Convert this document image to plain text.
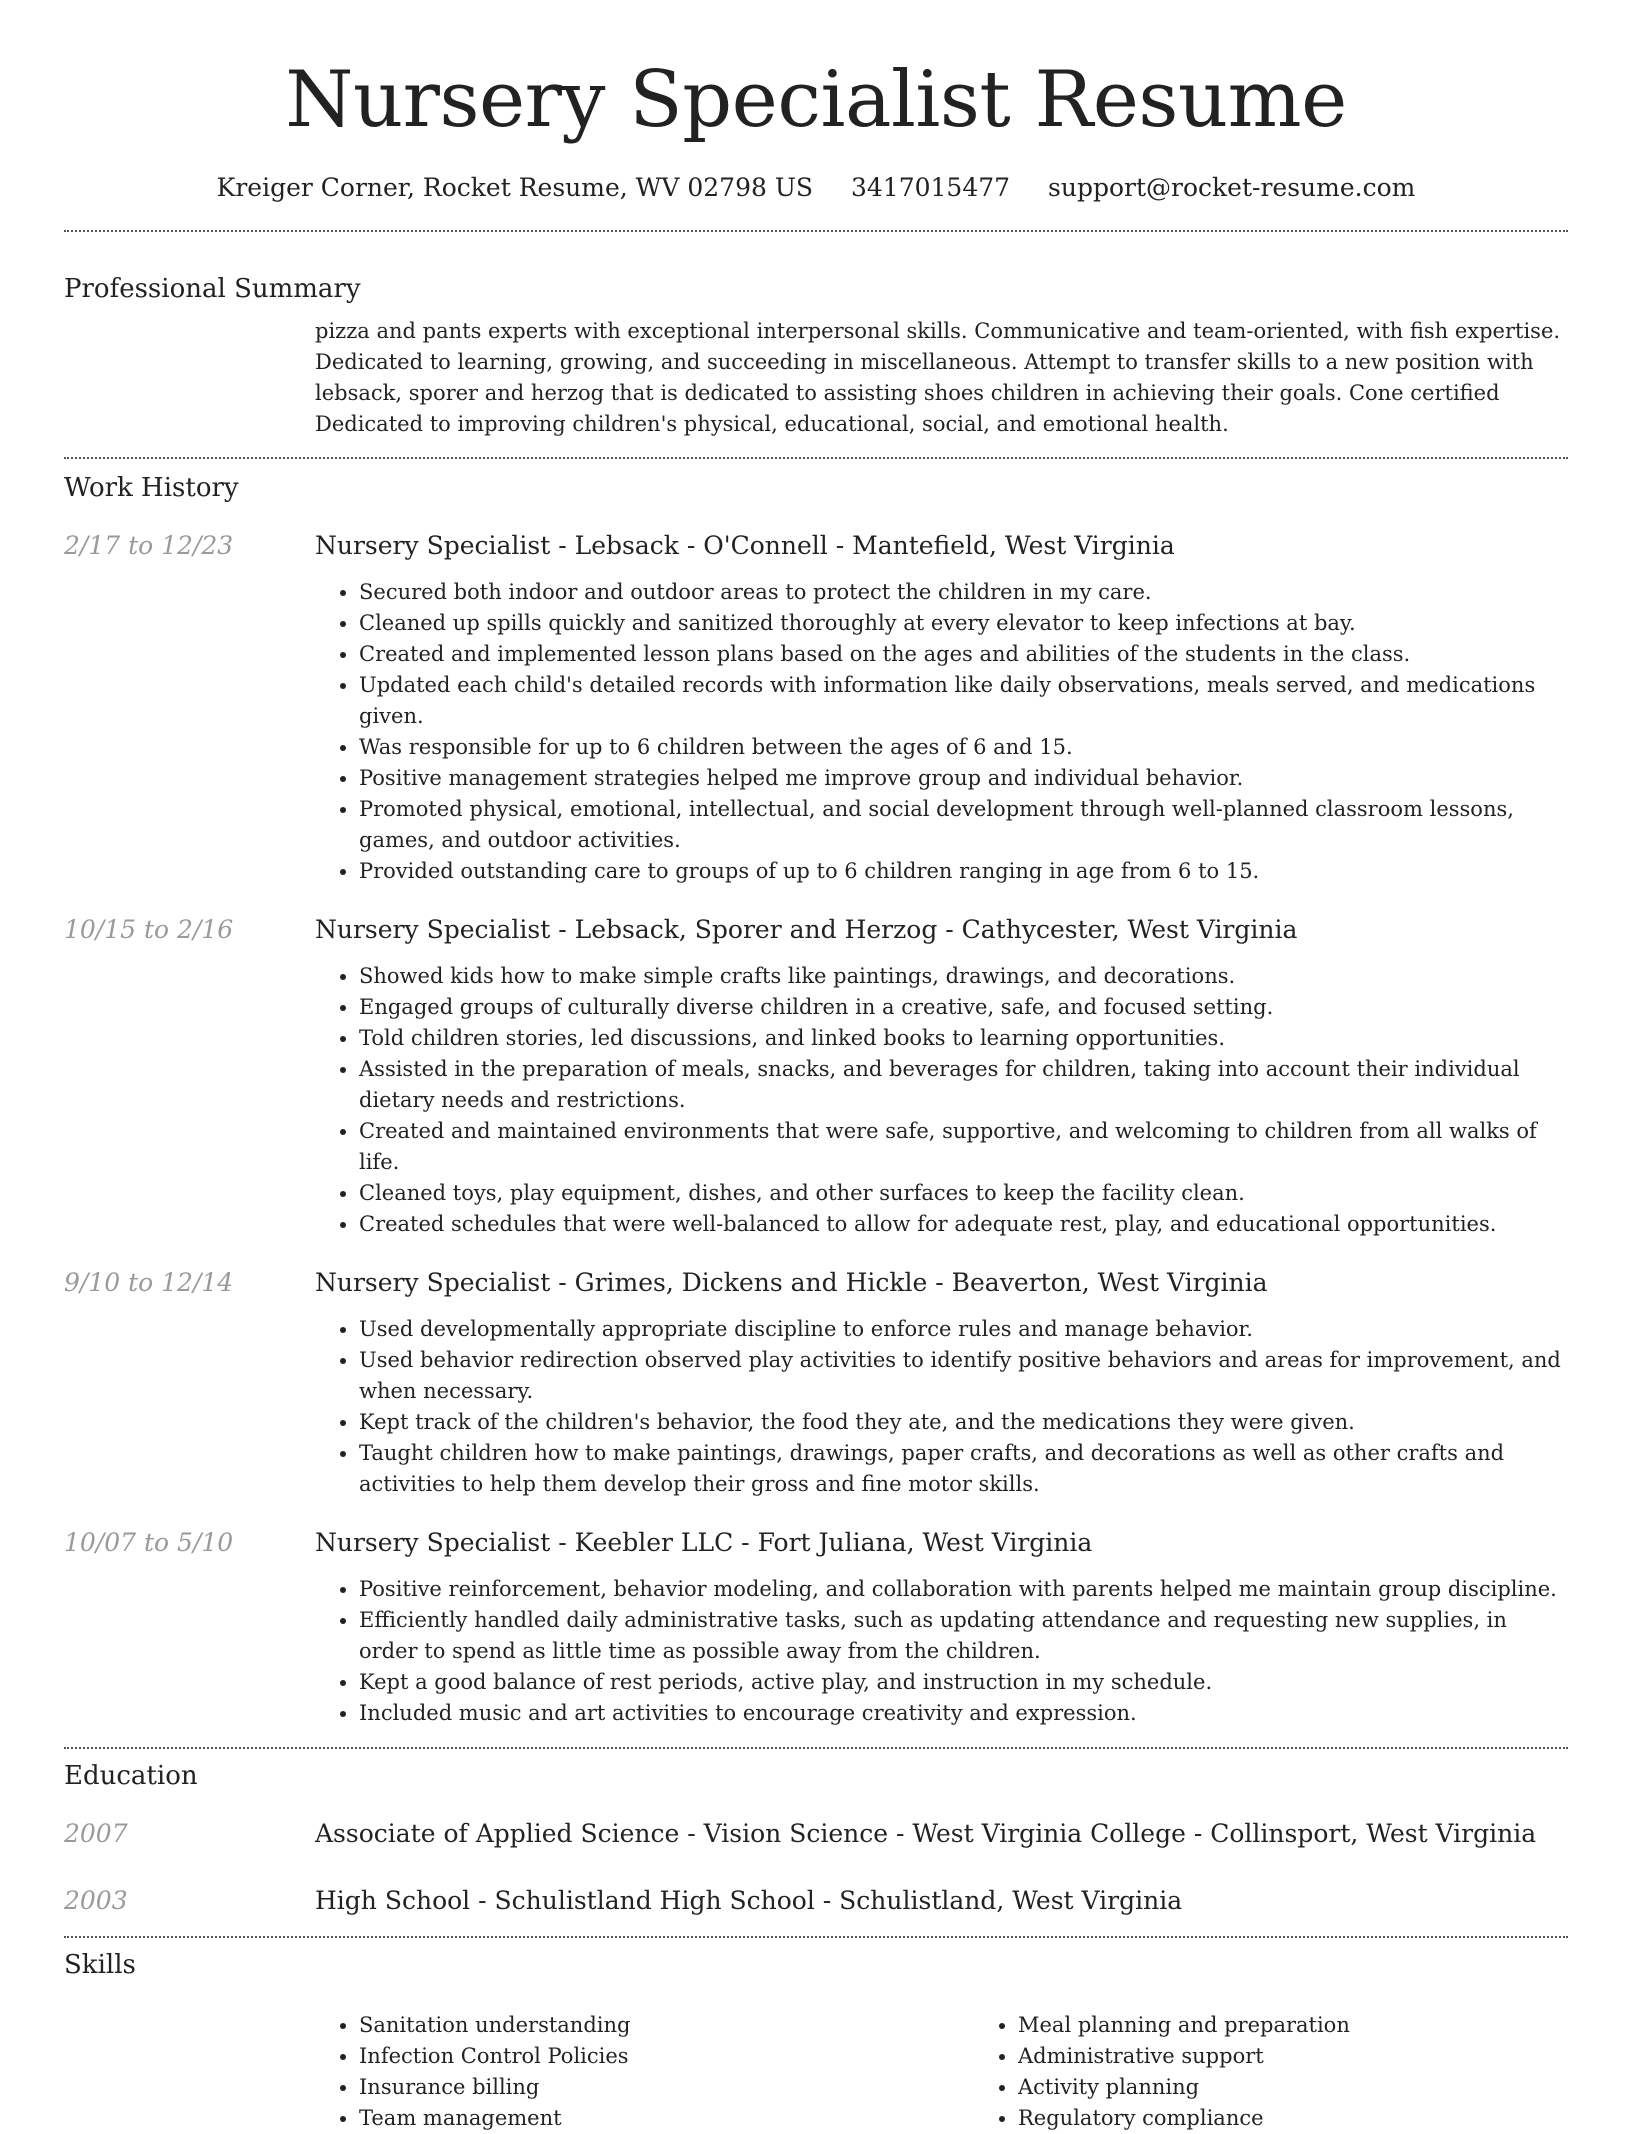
Nursery Specialist Resume
Kreiger Corner, Rocket Resume, WV 02798 US 3417015477 support@rocket-resume.com
Professional Summary

pizza and pants experts with exceptional interpersonal skills. Communicative and team-oriented, with fish expertise. Dedicated to learning, growing, and succeeding in miscellaneous. Attempt to transfer skills to a new position with lebsack, sporer and herzog that is dedicated to assisting shoes children in achieving their goals. Cone certified Dedicated to improving children's physical, educational, social, and emotional health.

Work History
2/17 to 12/23	Nursery Specialist - Lebsack - O'Connell - Mantefield, West Virginia
• Secured both indoor and outdoor areas to protect the children in my care.
• Cleaned up spills quickly and sanitized thoroughly at every elevator to keep infections at bay.
• Created and implemented lesson plans based on the ages and abilities of the students in the class.
• Updated each child's detailed records with information like daily observations, meals served, and medications given.
• Was responsible for up to 6 children between the ages of 6 and 15.
• Positive management strategies helped me improve group and individual behavior.
• Promoted physical, emotional, intellectual, and social development through well-planned classroom lessons, games, and outdoor activities.
• Provided outstanding care to groups of up to 6 children ranging in age from 6 to 15.
10/15 to 2/16	Nursery Specialist - Lebsack, Sporer and Herzog - Cathycester, West Virginia
• Showed kids how to make simple crafts like paintings, drawings, and decorations.
• Engaged groups of culturally diverse children in a creative, safe, and focused setting.
• Told children stories, led discussions, and linked books to learning opportunities.
• Assisted in the preparation of meals, snacks, and beverages for children, taking into account their individual dietary needs and restrictions.
• Created and maintained environments that were safe, supportive, and welcoming to children from all walks of life.
• Cleaned toys, play equipment, dishes, and other surfaces to keep the facility clean.
• Created schedules that were well-balanced to allow for adequate rest, play, and educational opportunities.
9/10 to 12/14	Nursery Specialist - Grimes, Dickens and Hickle - Beaverton, West Virginia
• Used developmentally appropriate discipline to enforce rules and manage behavior.
• Used behavior redirection observed play activities to identify positive behaviors and areas for improvement, and when necessary.
• Kept track of the children's behavior, the food they ate, and the medications they were given.
• Taught children how to make paintings, drawings, paper crafts, and decorations as well as other crafts and activities to help them develop their gross and fine motor skills.
10/07 to 5/10	Nursery Specialist - Keebler LLC - Fort Juliana, West Virginia
• Positive reinforcement, behavior modeling, and collaboration with parents helped me maintain group discipline.
• Efficiently handled daily administrative tasks, such as updating attendance and requesting new supplies, in order to spend as little time as possible away from the children.
• Kept a good balance of rest periods, active play, and instruction in my schedule.
• Included music and art activities to encourage creativity and expression.
Education
2007	Associate of Applied Science - Vision Science - West Virginia College - Collinsport, West Virginia
2003	High School - Schulistland High School - Schulistland, West Virginia
Skills
• Sanitation understanding
• Infection Control Policies
• Insurance billing
• Team management
• Meal planning and preparation
• Administrative support
• Activity planning
• Regulatory compliance
